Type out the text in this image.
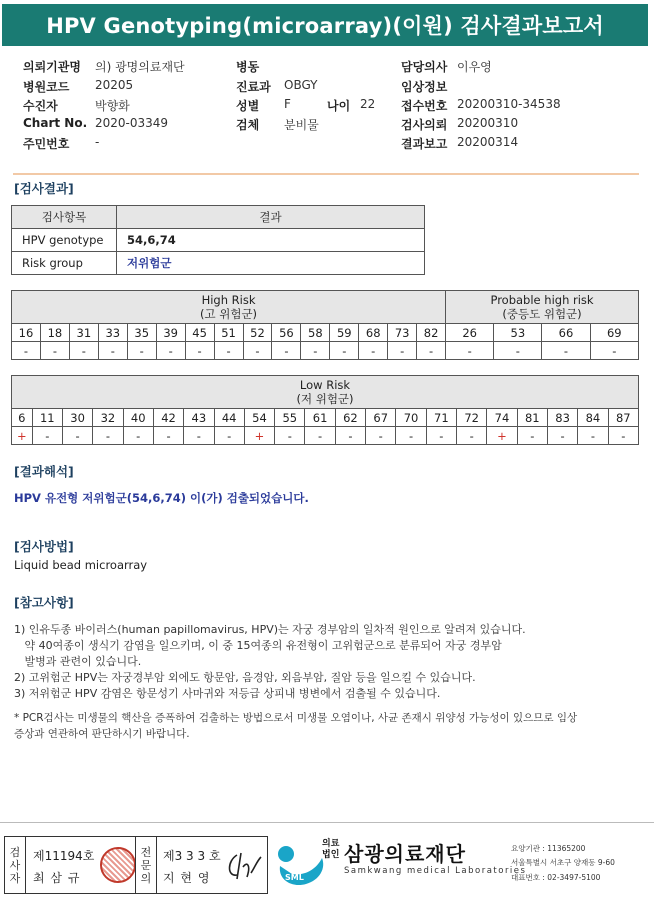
HPV Genotyping(microarray)(이원) 검사결과보고서
의뢰기관명 의) 광명의료재단
병원코드 20205
수진자	박향화
Chart No. 2020-03349
주민번호 -
병동
진료과 OBGY
성별 F	나이 22
검체 분비물
담당의사 이우영
임상정보
접수번호 20200310-34538
검사의뢰 20200310
결과보고 20200314
[검사결과]
검사항목	결과
HPV genotype	54,6,74
Risk group	저위험군
High Risk
(고 위험군)															Probable high risk
(중등도 위험군)			
16	18	31	33	35	39	45	51	52	56	58	59	68	73	82	26	53	66	69
-	-	-	-	-	-	-	-	-	-	-	-	-	-	-	-	-	-	-
Low Risk
(저 위험군)																				
6	11	30	32	40	42	43	44	54	55	61	62	67	70	71	72	74	81	83	84	87
+	-	-	-	-	-	-	-	+	-	-	-	-	-	-	-	+	-	-	-	-
[결과해석]
HPV 유전형 저위험군(54,6,74) 이(가) 검출되었습니다.
[검사방법]
Liquid bead microarray
[참고사항]
1) 인유두종 바이러스(human papillomavirus, HPV)는 자궁 경부암의 일차적 원인으로 알려져 있습니다.
약 40여종이 생식기 감염을 일으키며, 이 중 15여종의 유전형이 고위험군으로 분류되어 자궁 경부암
발병과 관련이 있습니다.
2) 고위험군 HPV는 자궁경부암 외에도 항문암, 음경암, 외음부암, 질암 등을 일으킬 수 있습니다.
3) 저위험군 HPV 감염은 항문성기 사마귀와 저등급 상피내 병변에서 검출될 수 있습니다.
* PCR검사는 미생물의 핵산을 증폭하여 검출하는 방법으로서 미생물 오염이나, 사균 존재시 위양성 가능성이 있으므로 임상
증상과 연관하여 판단하시기 바랍니다.
검
사
자
제11194호
최 삼 규
전
문
의
제3 3 3 호
지 현 영	SML
의료
법인 삼광의료재단
Samkwang medical Laboratories
요양기관 : 11365200
서울특별시 서초구 양재동 9-60
대표번호 : 02-3497-5100
